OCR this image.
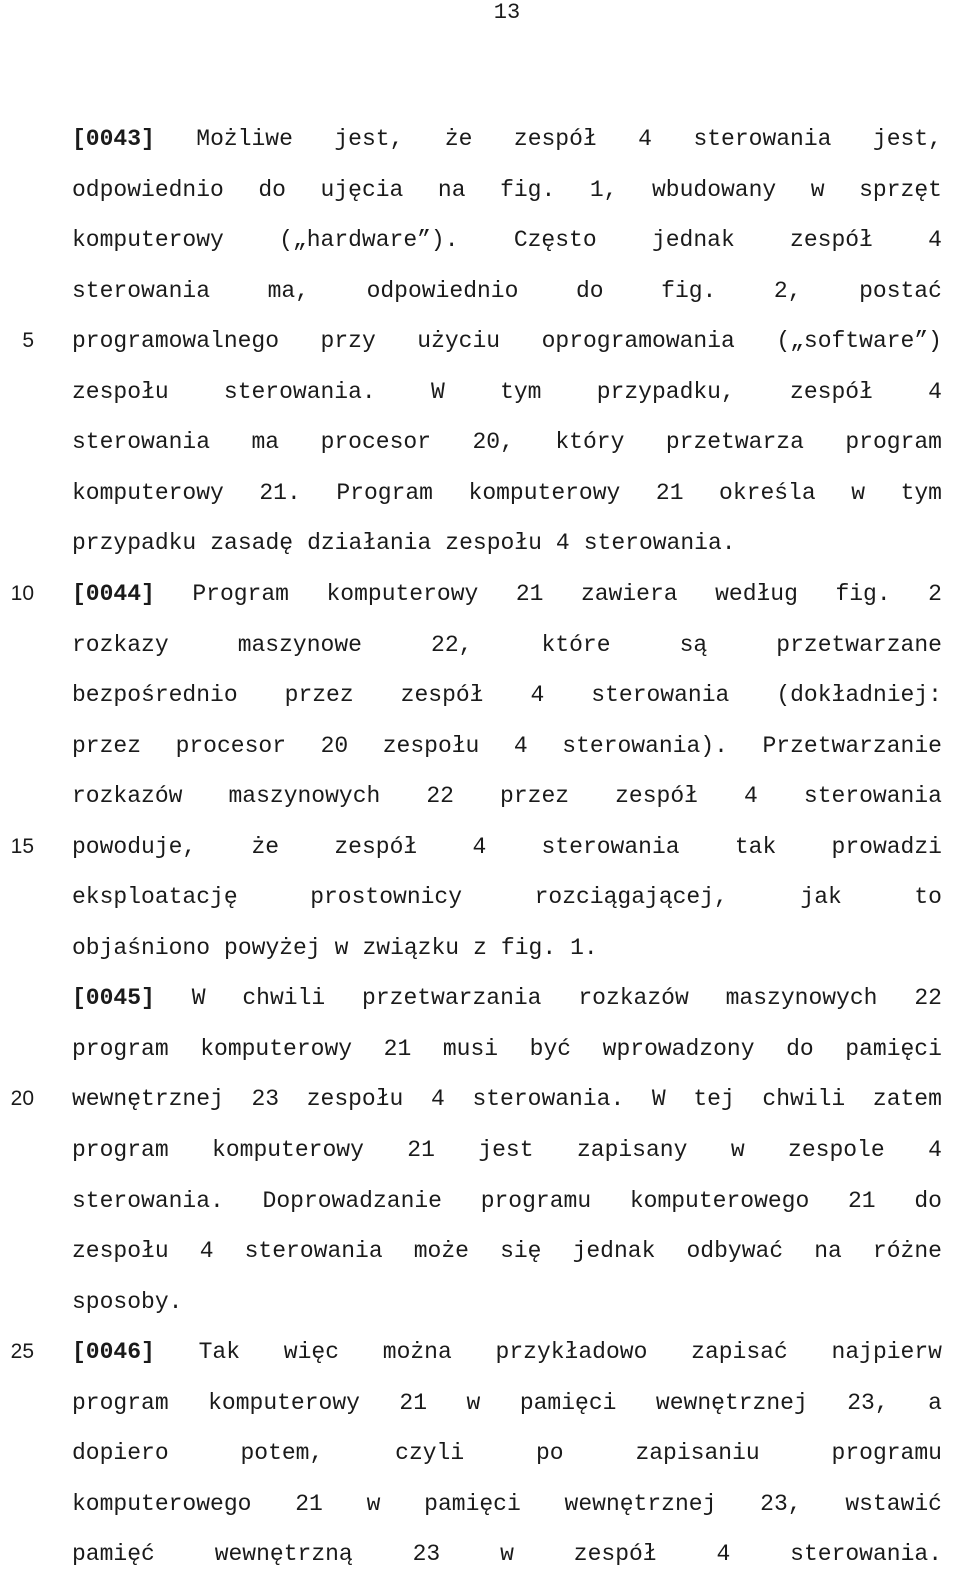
13
[0043] Możliwe jest, że zespół 4 sterowania jest,
odpowiednio do ujęcia na fig. 1, wbudowany w sprzęt
komputerowy („hardware”). Często jednak zespół 4
sterowania	ma,	odpowiednio	do	fig.	2,	postać
programowalnego przy użyciu oprogramowania („software”)
zespołu sterowania. W tym przypadku, zespół 4
sterowania ma procesor 20, który przetwarza program
komputerowy 21. Program komputerowy 21 określa w tym
przypadku zasadę działania zespołu 4 sterowania.
[0044] Program komputerowy 21 zawiera według fig. 2
rozkazy	maszynowe	22,	które	są	przetwarzane
bezpośrednio przez zespół 4 sterowania (dokładniej:
przez procesor 20 zespołu 4 sterowania). Przetwarzanie
rozkazów maszynowych 22 przez zespół 4 sterowania
powoduje, że zespół 4 sterowania tak prowadzi
eksploatację	prostownicy	rozciągającej,	jak	to
objaśniono powyżej w związku z fig. 1.
[0045] W chwili przetwarzania rozkazów maszynowych 22
program komputerowy 21 musi być wprowadzony do pamięci
wewnętrznej 23 zespołu 4 sterowania. W tej chwili zatem
program komputerowy 21 jest zapisany w zespole 4
sterowania. Doprowadzanie programu komputerowego 21 do
zespołu 4 sterowania może się jednak odbywać na różne
sposoby.
[0046] Tak więc można przykładowo zapisać najpierw
program komputerowy 21 w pamięci wewnętrznej 23, a
dopiero	potem,	czyli	po	zapisaniu	programu
komputerowego 21 w pamięci wewnętrznej 23, wstawić
pamięć	wewnętrzną	23	w	zespół	4	sterowania.
5
10
15
20
25
